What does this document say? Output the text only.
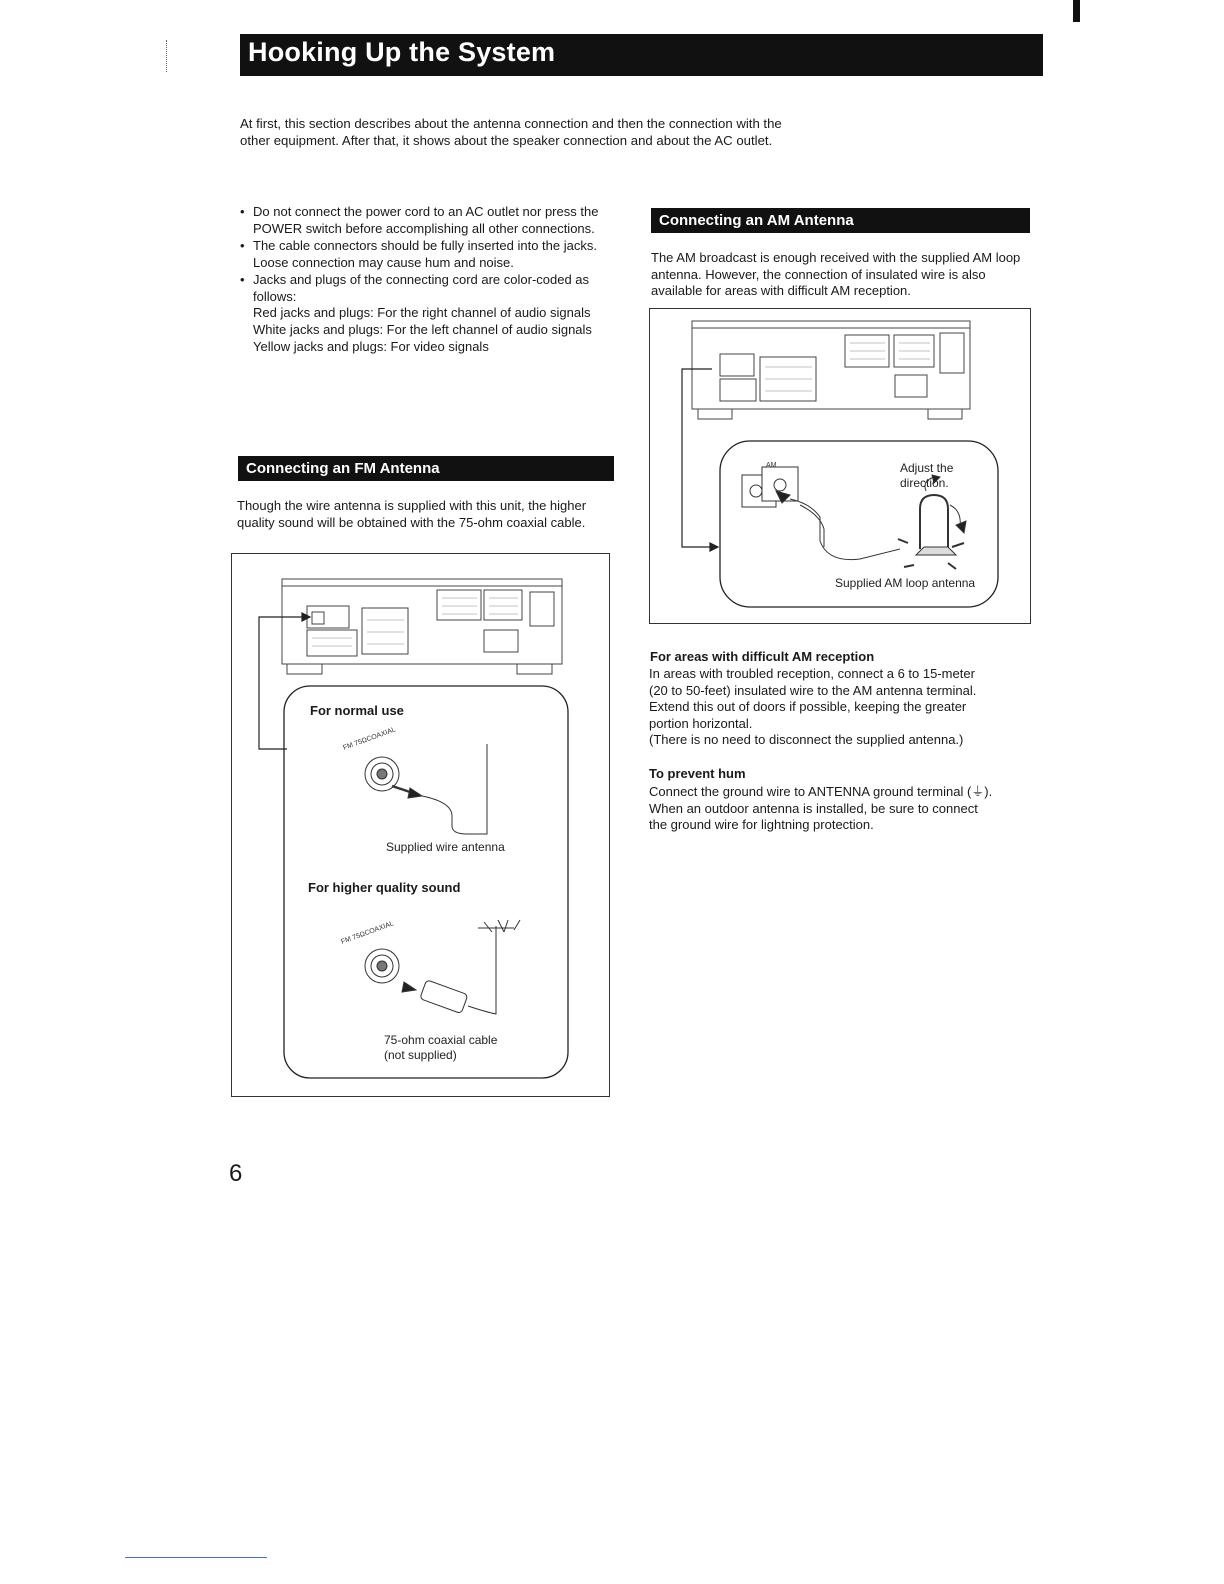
Hooking Up the System
At first, this section describes about the antenna connection and then the connection with the other equipment. After that, it shows about the speaker connection and about the AC outlet.
• Do not connect the power cord to an AC outlet nor press the POWER switch before accomplishing all other connections.
• The cable connectors should be fully inserted into the jacks. Loose connection may cause hum and noise.
• Jacks and plugs of the connecting cord are color-coded as follows:
Red jacks and plugs: For the right channel of audio signals
White jacks and plugs: For the left channel of audio signals
Yellow jacks and plugs: For video signals
Connecting an FM Antenna
Though the wire antenna is supplied with this unit, the higher quality sound will be obtained with the 75-ohm coaxial cable.
FM 75ΩCOAXIAL
FM 75ΩCOAXIAL
For normal use
Supplied wire antenna
For higher quality sound
75-ohm coaxial cable
(not supplied)
Connecting an AM Antenna
The AM broadcast is enough received with the supplied AM loop antenna. However, the connection of insulated wire is also available for areas with difficult AM reception.
AM	Adjust the
direction.
Supplied AM loop antenna
For areas with difficult AM reception
In areas with troubled reception, connect a 6 to 15-meter
(20 to 50-feet) insulated wire to the AM antenna terminal.
Extend this out of doors if possible, keeping the greater
portion horizontal.
(There is no need to disconnect the supplied antenna.)
To prevent hum
Connect the ground wire to ANTENNA ground terminal (⏚).
When an outdoor antenna is installed, be sure to connect
the ground wire for lightning protection.
6
